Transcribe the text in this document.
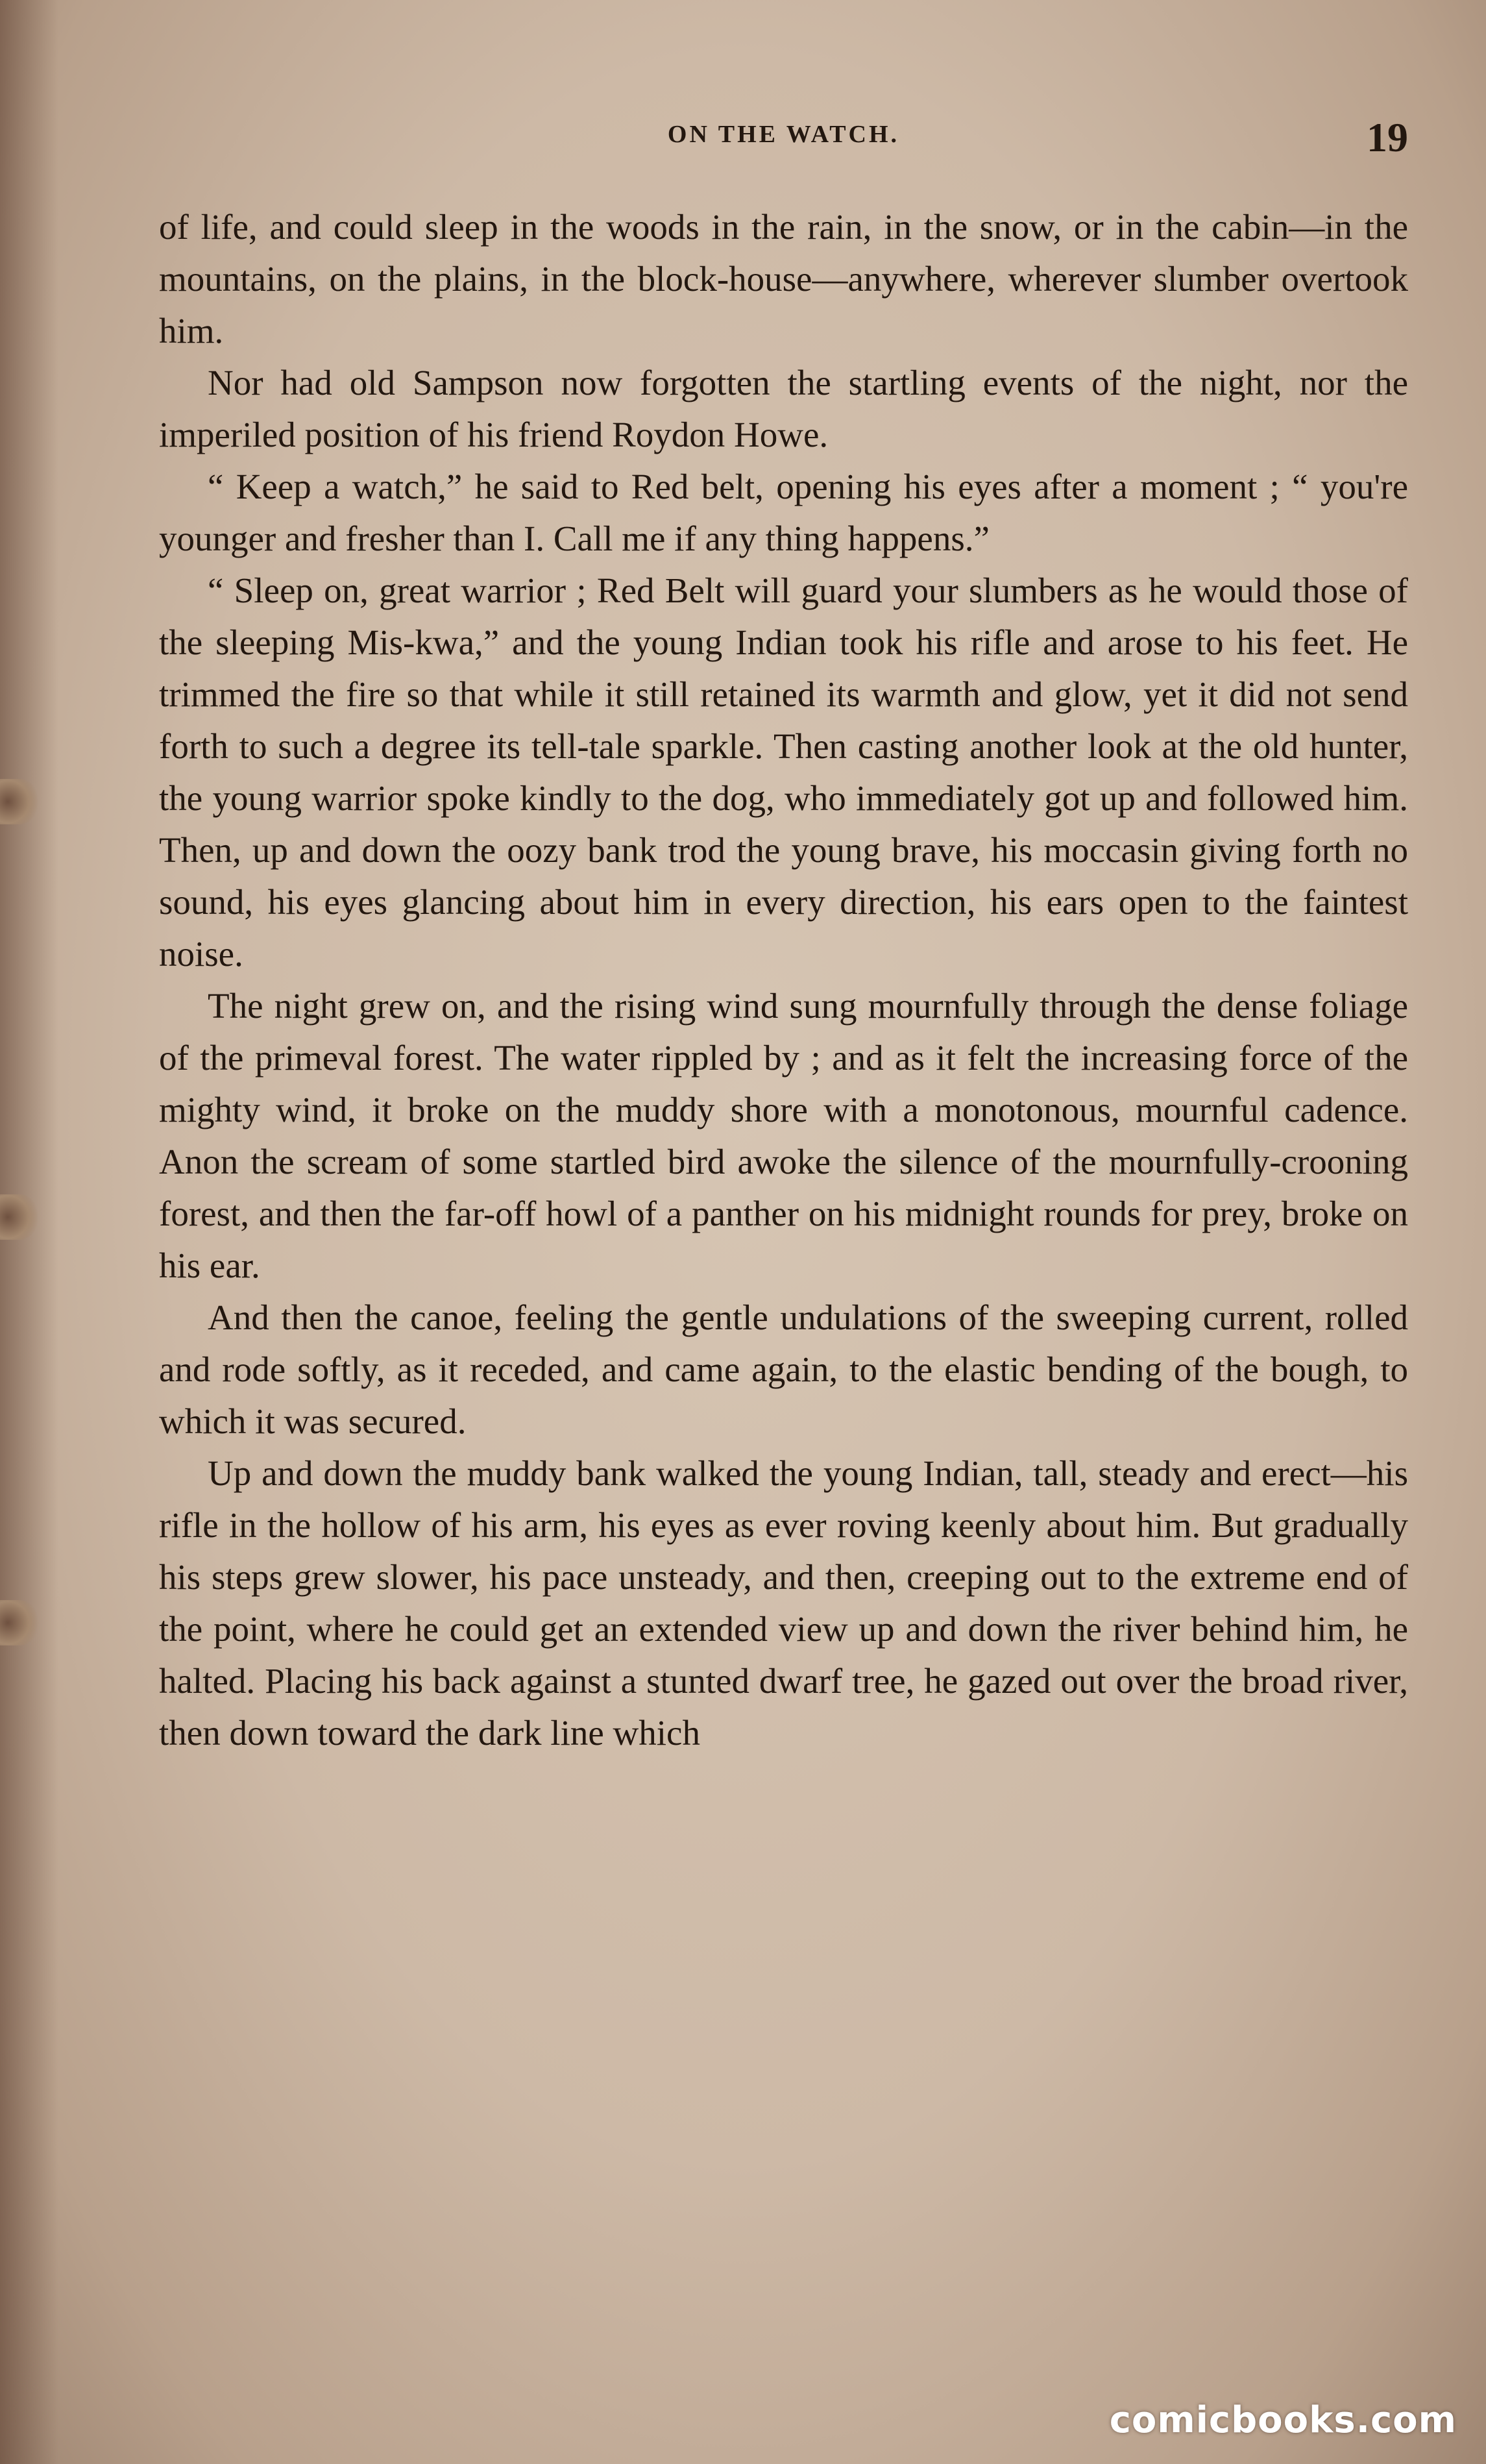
ON THE WATCH.	19

of life, and could sleep in the woods in the rain, in the snow, or in the cabin—in the mountains, on the plains, in the block-house—anywhere, wherever slumber overtook him.

Nor had old Sampson now forgotten the startling events of the night, nor the imperiled position of his friend Roydon Howe.

“ Keep a watch,” he said to Red belt, opening his eyes after a moment ; “ you're younger and fresher than I. Call me if any thing happens.”

“ Sleep on, great warrior ; Red Belt will guard your slumbers as he would those of the sleeping Mis-kwa,” and the young Indian took his rifle and arose to his feet. He trimmed the fire so that while it still retained its warmth and glow, yet it did not send forth to such a degree its tell-tale sparkle. Then casting another look at the old hunter, the young warrior spoke kindly to the dog, who immediately got up and followed him. Then, up and down the oozy bank trod the young brave, his moccasin giving forth no sound, his eyes glancing about him in every direction, his ears open to the faintest noise.

The night grew on, and the rising wind sung mournfully through the dense foliage of the primeval forest. The water rippled by ; and as it felt the increasing force of the mighty wind, it broke on the muddy shore with a monotonous, mournful cadence. Anon the scream of some startled bird awoke the silence of the mournfully-crooning forest, and then the far-off howl of a panther on his midnight rounds for prey, broke on his ear.

And then the canoe, feeling the gentle undulations of the sweeping current, rolled and rode softly, as it receded, and came again, to the elastic bending of the bough, to which it was secured.

Up and down the muddy bank walked the young Indian, tall, steady and erect—his rifle in the hollow of his arm, his eyes as ever roving keenly about him. But gradually his steps grew slower, his pace unsteady, and then, creeping out to the extreme end of the point, where he could get an extended view up and down the river behind him, he halted. Placing his back against a stunted dwarf tree, he gazed out over the broad river, then down toward the dark line which

comicbooks.com
